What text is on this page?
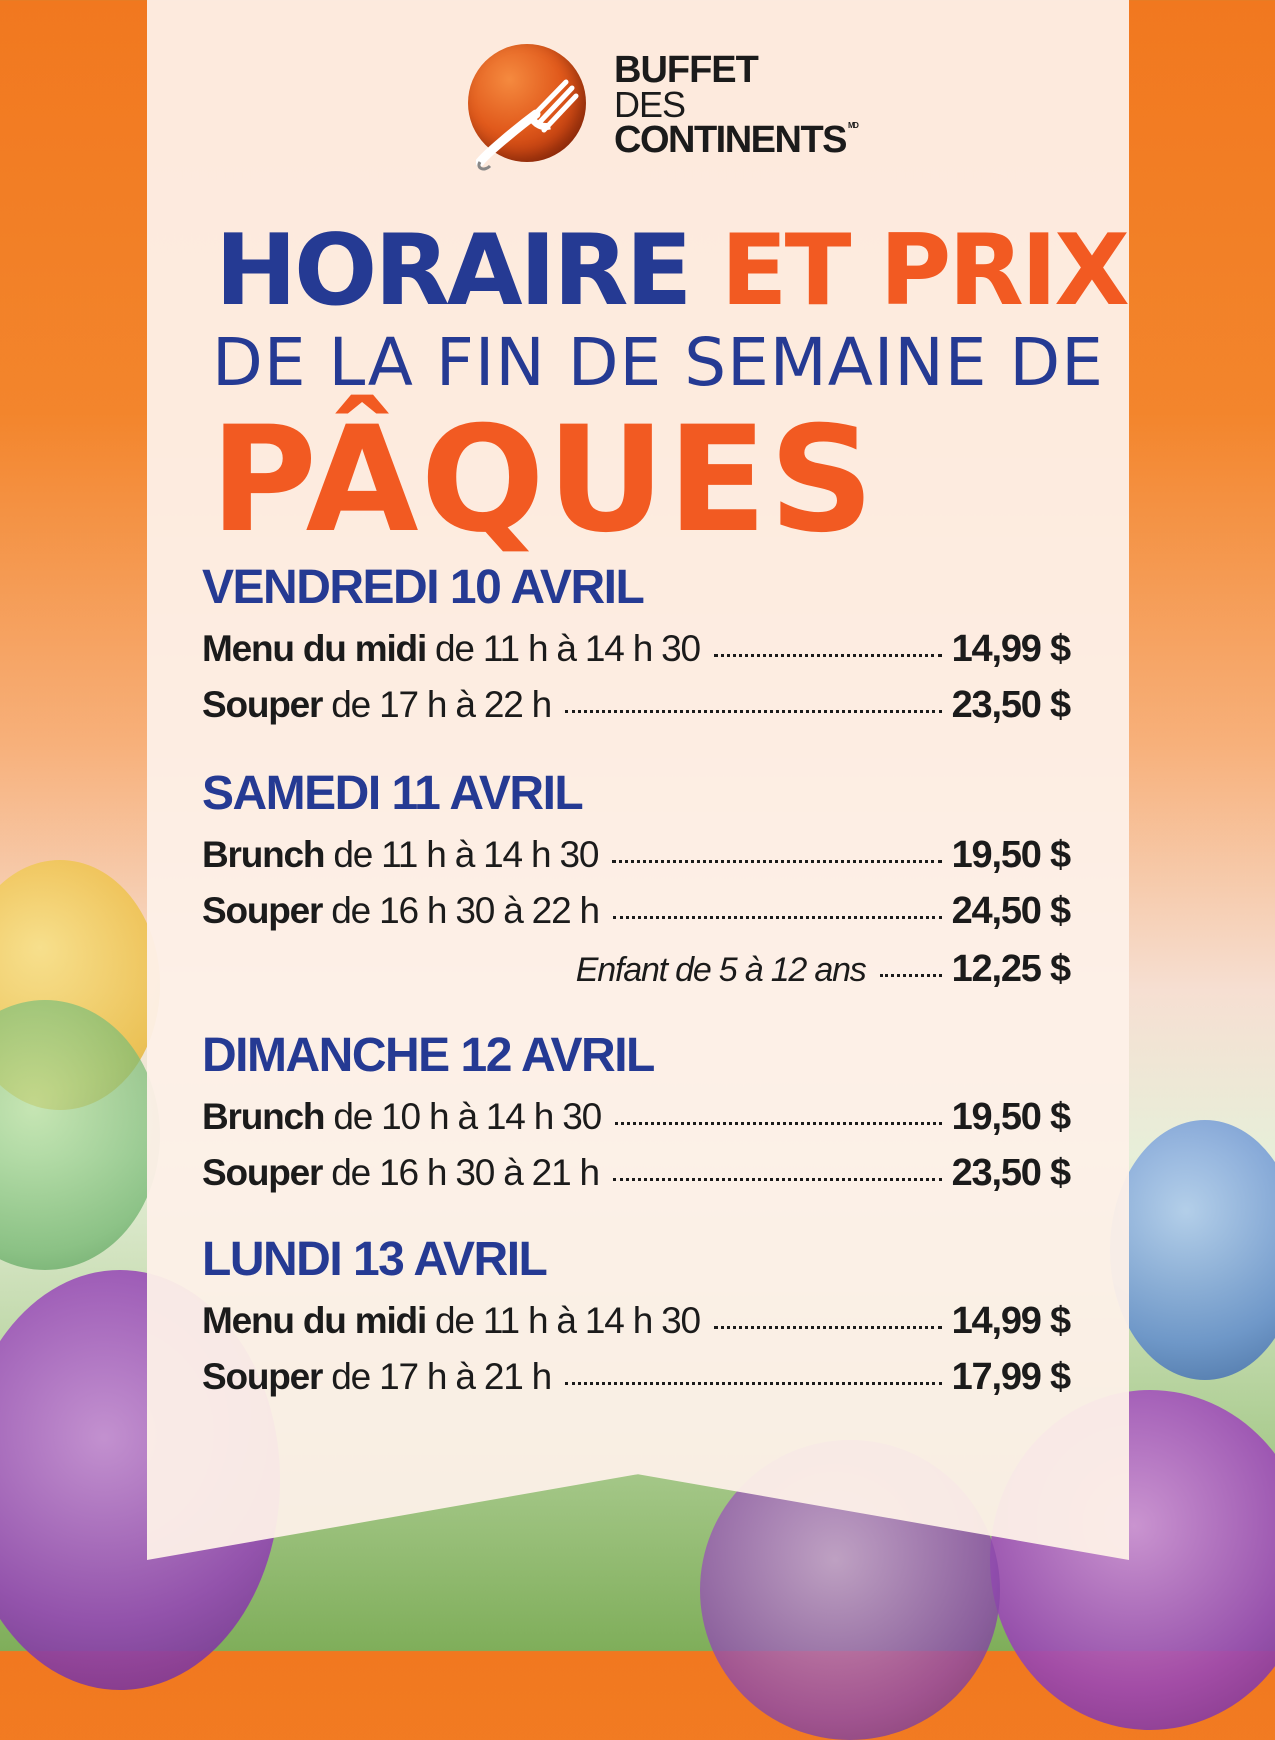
BUFFET
DES
CONTINENTS $^{MD}$
HORAIRE ET PRIX
DE LA FIN DE SEMAINE DE
PÂQUES
VENDREDI 10 AVRIL
Menu du midi de 11 h à 14 h 30	14,99 $
Souper de 17 h à 22 h	23,50 $
SAMEDI 11 AVRIL
Brunch de 11 h à 14 h 30	19,50 $
Souper de 16 h 30 à 22 h	24,50 $
Enfant de 5 à 12 ans 12,25 $
DIMANCHE 12 AVRIL
Brunch de 10 h à 14 h 30	19,50 $
Souper de 16 h 30 à 21 h	23,50 $
LUNDI 13 AVRIL
Menu du midi de 11 h à 14 h 30	14,99 $
Souper de 17 h à 21 h	17,99 $
